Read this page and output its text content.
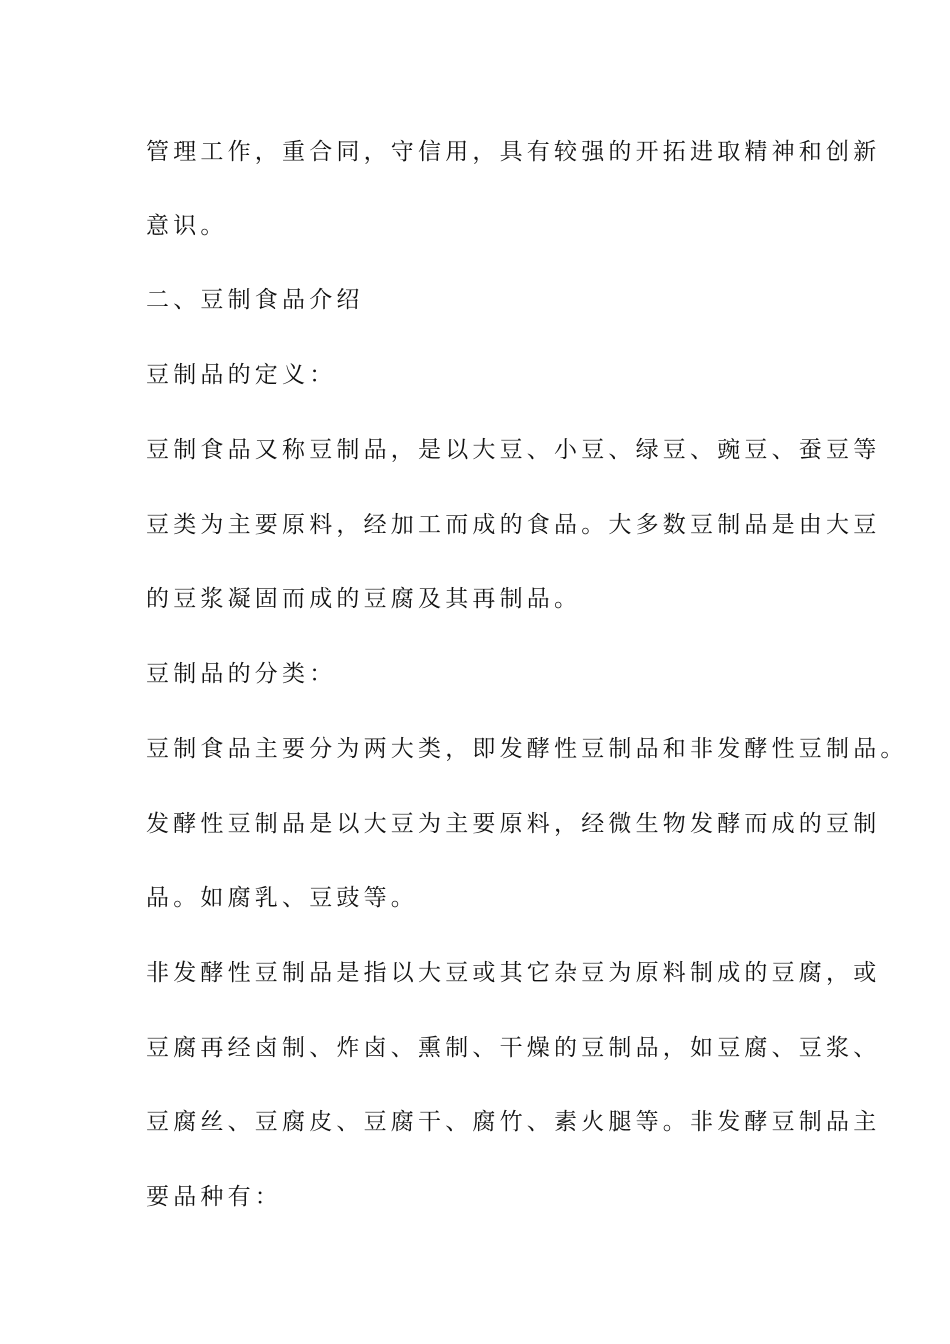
管理工作，重合同，守信用，具有较强的开拓进取精神和创新
意识。
二、豆制食品介绍
豆制品的定义：
豆制食品又称豆制品，是以大豆、小豆、绿豆、豌豆、蚕豆等
豆类为主要原料，经加工而成的食品。大多数豆制品是由大豆
的豆浆凝固而成的豆腐及其再制品。
豆制品的分类：
豆制食品主要分为两大类，即发酵性豆制品和非发酵性豆制品。
发酵性豆制品是以大豆为主要原料，经微生物发酵而成的豆制
品。如腐乳、豆豉等。
非发酵性豆制品是指以大豆或其它杂豆为原料制成的豆腐，或
豆腐再经卤制、炸卤、熏制、干燥的豆制品，如豆腐、豆浆、
豆腐丝、豆腐皮、豆腐干、腐竹、素火腿等。非发酵豆制品主
要品种有：
